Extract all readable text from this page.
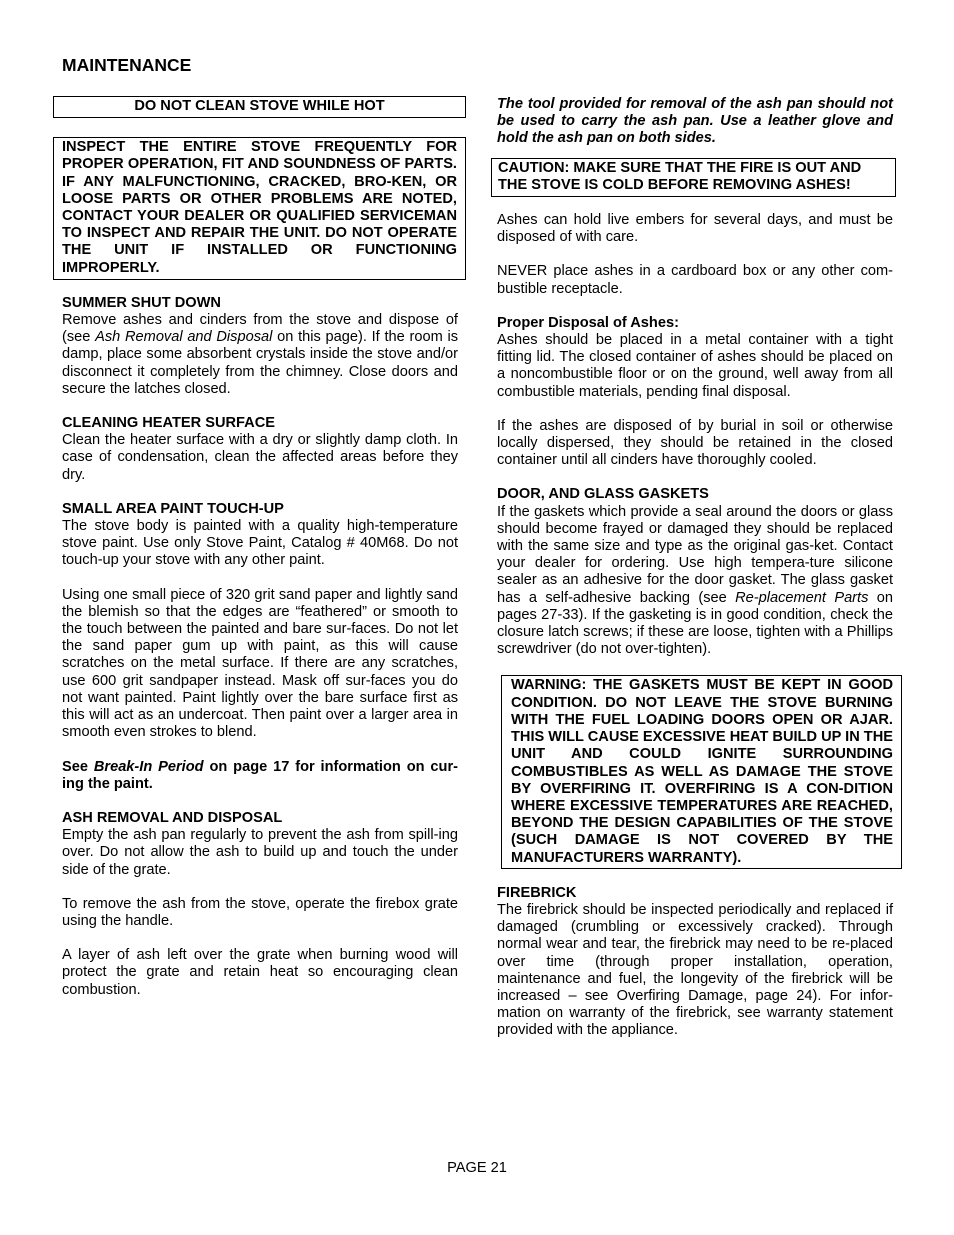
MAINTENANCE
DO NOT CLEAN STOVE WHILE HOT
INSPECT THE ENTIRE STOVE FREQUENTLY FOR PROPER OPERATION, FIT AND SOUNDNESS OF PARTS. IF ANY MALFUNCTIONING, CRACKED, BRO-KEN, OR LOOSE PARTS OR OTHER PROBLEMS ARE NOTED, CONTACT YOUR DEALER OR QUALIFIED SERVICEMAN TO INSPECT AND REPAIR THE UNIT. DO NOT OPERATE THE UNIT IF INSTALLED OR FUNCTIONING IMPROPERLY.
SUMMER SHUT DOWN

Remove ashes and cinders from the stove and dispose of (see Ash Removal and Disposal on this page). If the room is damp, place some absorbent crystals inside the stove and/or disconnect it completely from the chimney. Close doors and secure the latches closed.

CLEANING HEATER SURFACE

Clean the heater surface with a dry or slightly damp cloth. In case of condensation, clean the affected areas before they dry.

SMALL AREA PAINT TOUCH-UP

The stove body is painted with a quality high-temperature stove paint. Use only Stove Paint, Catalog # 40M68. Do not touch-up your stove with any other paint.

Using one small piece of 320 grit sand paper and lightly sand the blemish so that the edges are “feathered” or smooth to the touch between the painted and bare sur-faces. Do not let the sand paper gum up with paint, as this will cause scratches on the metal surface. If there are any scratches, use 600 grit sandpaper instead. Mask off sur-faces you do not want painted. Paint lightly over the bare surface first as this will act as an undercoat. Then paint over a larger area in smooth even strokes to blend.

See Break-In Period on page 17 for information on cur-ing the paint.

ASH REMOVAL AND DISPOSAL

Empty the ash pan regularly to prevent the ash from spill-ing over. Do not allow the ash to build up and touch the under side of the grate.

To remove the ash from the stove, operate the firebox grate using the handle.

A layer of ash left over the grate when burning wood will protect the grate and retain heat so encouraging clean combustion.

The tool provided for removal of the ash pan should not be used to carry the ash pan. Use a leather glove and hold the ash pan on both sides.

CAUTION: MAKE SURE THAT THE FIRE IS OUT AND THE STOVE IS COLD BEFORE REMOVING ASHES!

Ashes can hold live embers for several days, and must be disposed of with care.

NEVER place ashes in a cardboard box or any other com-bustible receptacle.

Proper Disposal of Ashes:

Ashes should be placed in a metal container with a tight fitting lid. The closed container of ashes should be placed on a noncombustible floor or on the ground, well away from all combustible materials, pending final disposal.

If the ashes are disposed of by burial in soil or otherwise locally dispersed, they should be retained in the closed container until all cinders have thoroughly cooled.

DOOR, AND GLASS GASKETS

If the gaskets which provide a seal around the doors or glass should become frayed or damaged they should be replaced with the same size and type as the original gas-ket. Contact your dealer for ordering. Use high tempera-ture silicone sealer as an adhesive for the door gasket. The glass gasket has a self-adhesive backing (see Re-placement Parts on pages 27-33). If the gasketing is in good condition, check the closure latch screws; if these are loose, tighten with a Phillips screwdriver (do not over-tighten).

WARNING: THE GASKETS MUST BE KEPT IN GOOD CONDITION. DO NOT LEAVE THE STOVE BURNING WITH THE FUEL LOADING DOORS OPEN OR AJAR. THIS WILL CAUSE EXCESSIVE HEAT BUILD UP IN THE UNIT AND COULD IGNITE SURROUNDING COMBUSTIBLES AS WELL AS DAMAGE THE STOVE BY OVERFIRING IT. OVERFIRING IS A CON-DITION WHERE EXCESSIVE TEMPERATURES ARE REACHED, BEYOND THE DESIGN CAPABILITIES OF THE STOVE (SUCH DAMAGE IS NOT COVERED BY THE MANUFACTURERS WARRANTY).
FIREBRICK

The firebrick should be inspected periodically and replaced if damaged (crumbling or excessively cracked). Through normal wear and tear, the firebrick may need to be re-placed over time (through proper installation, operation, maintenance and fuel, the longevity of the firebrick will be increased – see Overfiring Damage, page 24). For infor-mation on warranty of the firebrick, see warranty statement provided with the appliance.

PAGE 21
